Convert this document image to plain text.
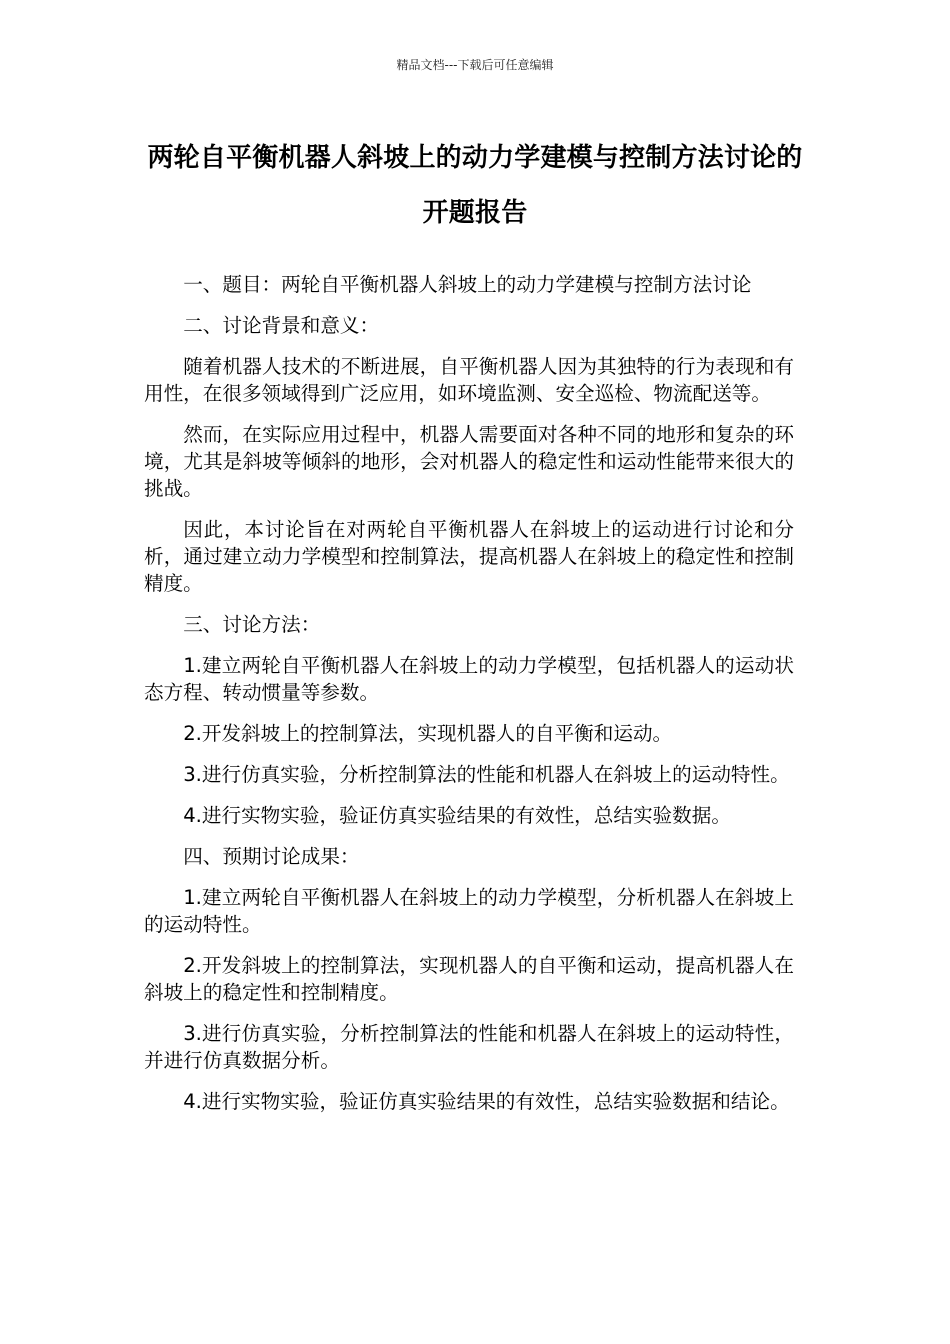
精品文档---下载后可任意编辑
两轮自平衡机器人斜坡上的动力学建模与控制方法讨论的开题报告

一、题目：两轮自平衡机器人斜坡上的动力学建模与控制方法讨论

二、讨论背景和意义：

随着机器人技术的不断进展，自平衡机器人因为其独特的行为表现和有用性，在很多领域得到广泛应用，如环境监测、安全巡检、物流配送等。

然而，在实际应用过程中，机器人需要面对各种不同的地形和复杂的环境，尤其是斜坡等倾斜的地形，会对机器人的稳定性和运动性能带来很大的挑战。

因此，本讨论旨在对两轮自平衡机器人在斜坡上的运动进行讨论和分析，通过建立动力学模型和控制算法，提高机器人在斜坡上的稳定性和控制精度。

三、讨论方法：

1.建立两轮自平衡机器人在斜坡上的动力学模型，包括机器人的运动状态方程、转动惯量等参数。

2.开发斜坡上的控制算法，实现机器人的自平衡和运动。

3.进行仿真实验，分析控制算法的性能和机器人在斜坡上的运动特性。

4.进行实物实验，验证仿真实验结果的有效性，总结实验数据。

四、预期讨论成果：

1.建立两轮自平衡机器人在斜坡上的动力学模型，分析机器人在斜坡上的运动特性。

2.开发斜坡上的控制算法，实现机器人的自平衡和运动，提高机器人在斜坡上的稳定性和控制精度。

3.进行仿真实验，分析控制算法的性能和机器人在斜坡上的运动特性，并进行仿真数据分析。

4.进行实物实验，验证仿真实验结果的有效性，总结实验数据和结论。
